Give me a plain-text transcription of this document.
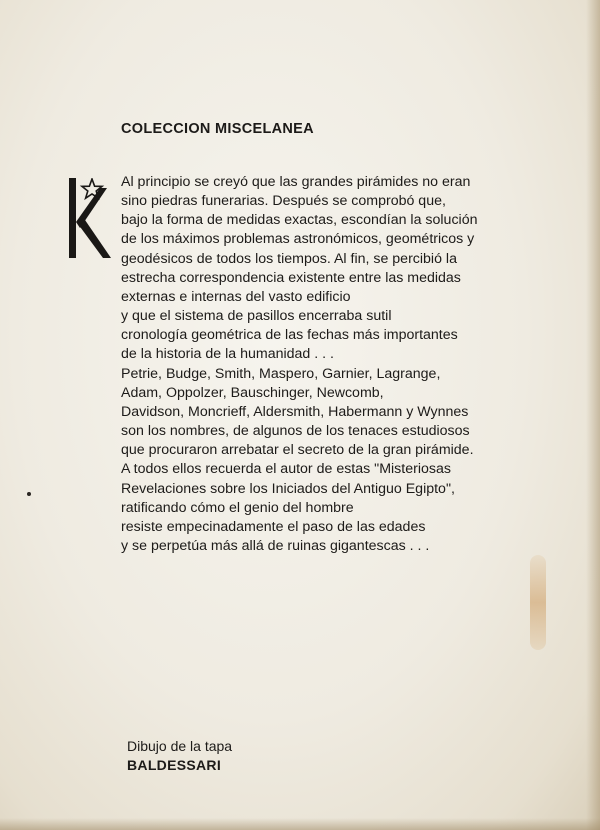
COLECCION MISCELANEA
Al principio se creyó que las grandes pirámides no eran
sino piedras funerarias. Después se comprobó que,
bajo la forma de medidas exactas, escondían la solución
de los máximos problemas astronómicos, geométricos y
geodésicos de todos los tiempos. Al fin, se percibió la
estrecha correspondencia existente entre las medidas
externas e internas del vasto edificio
y que el sistema de pasillos encerraba sutil
cronología geométrica de las fechas más importantes
de la historia de la humanidad . . .
Petrie, Budge, Smith, Maspero, Garnier, Lagrange,
Adam, Oppolzer, Bauschinger, Newcomb,
Davidson, Moncrieff, Aldersmith, Habermann y Wynnes
son los nombres, de algunos de los tenaces estudiosos
que procuraron arrebatar el secreto de la gran pirámide.
A todos ellos recuerda el autor de estas "Misteriosas
Revelaciones sobre los Iniciados del Antiguo Egipto",
ratificando cómo el genio del hombre
resiste empecinadamente el paso de las edades
y se perpetúa más allá de ruinas gigantescas . . .
Dibujo de la tapa
BALDESSARI
